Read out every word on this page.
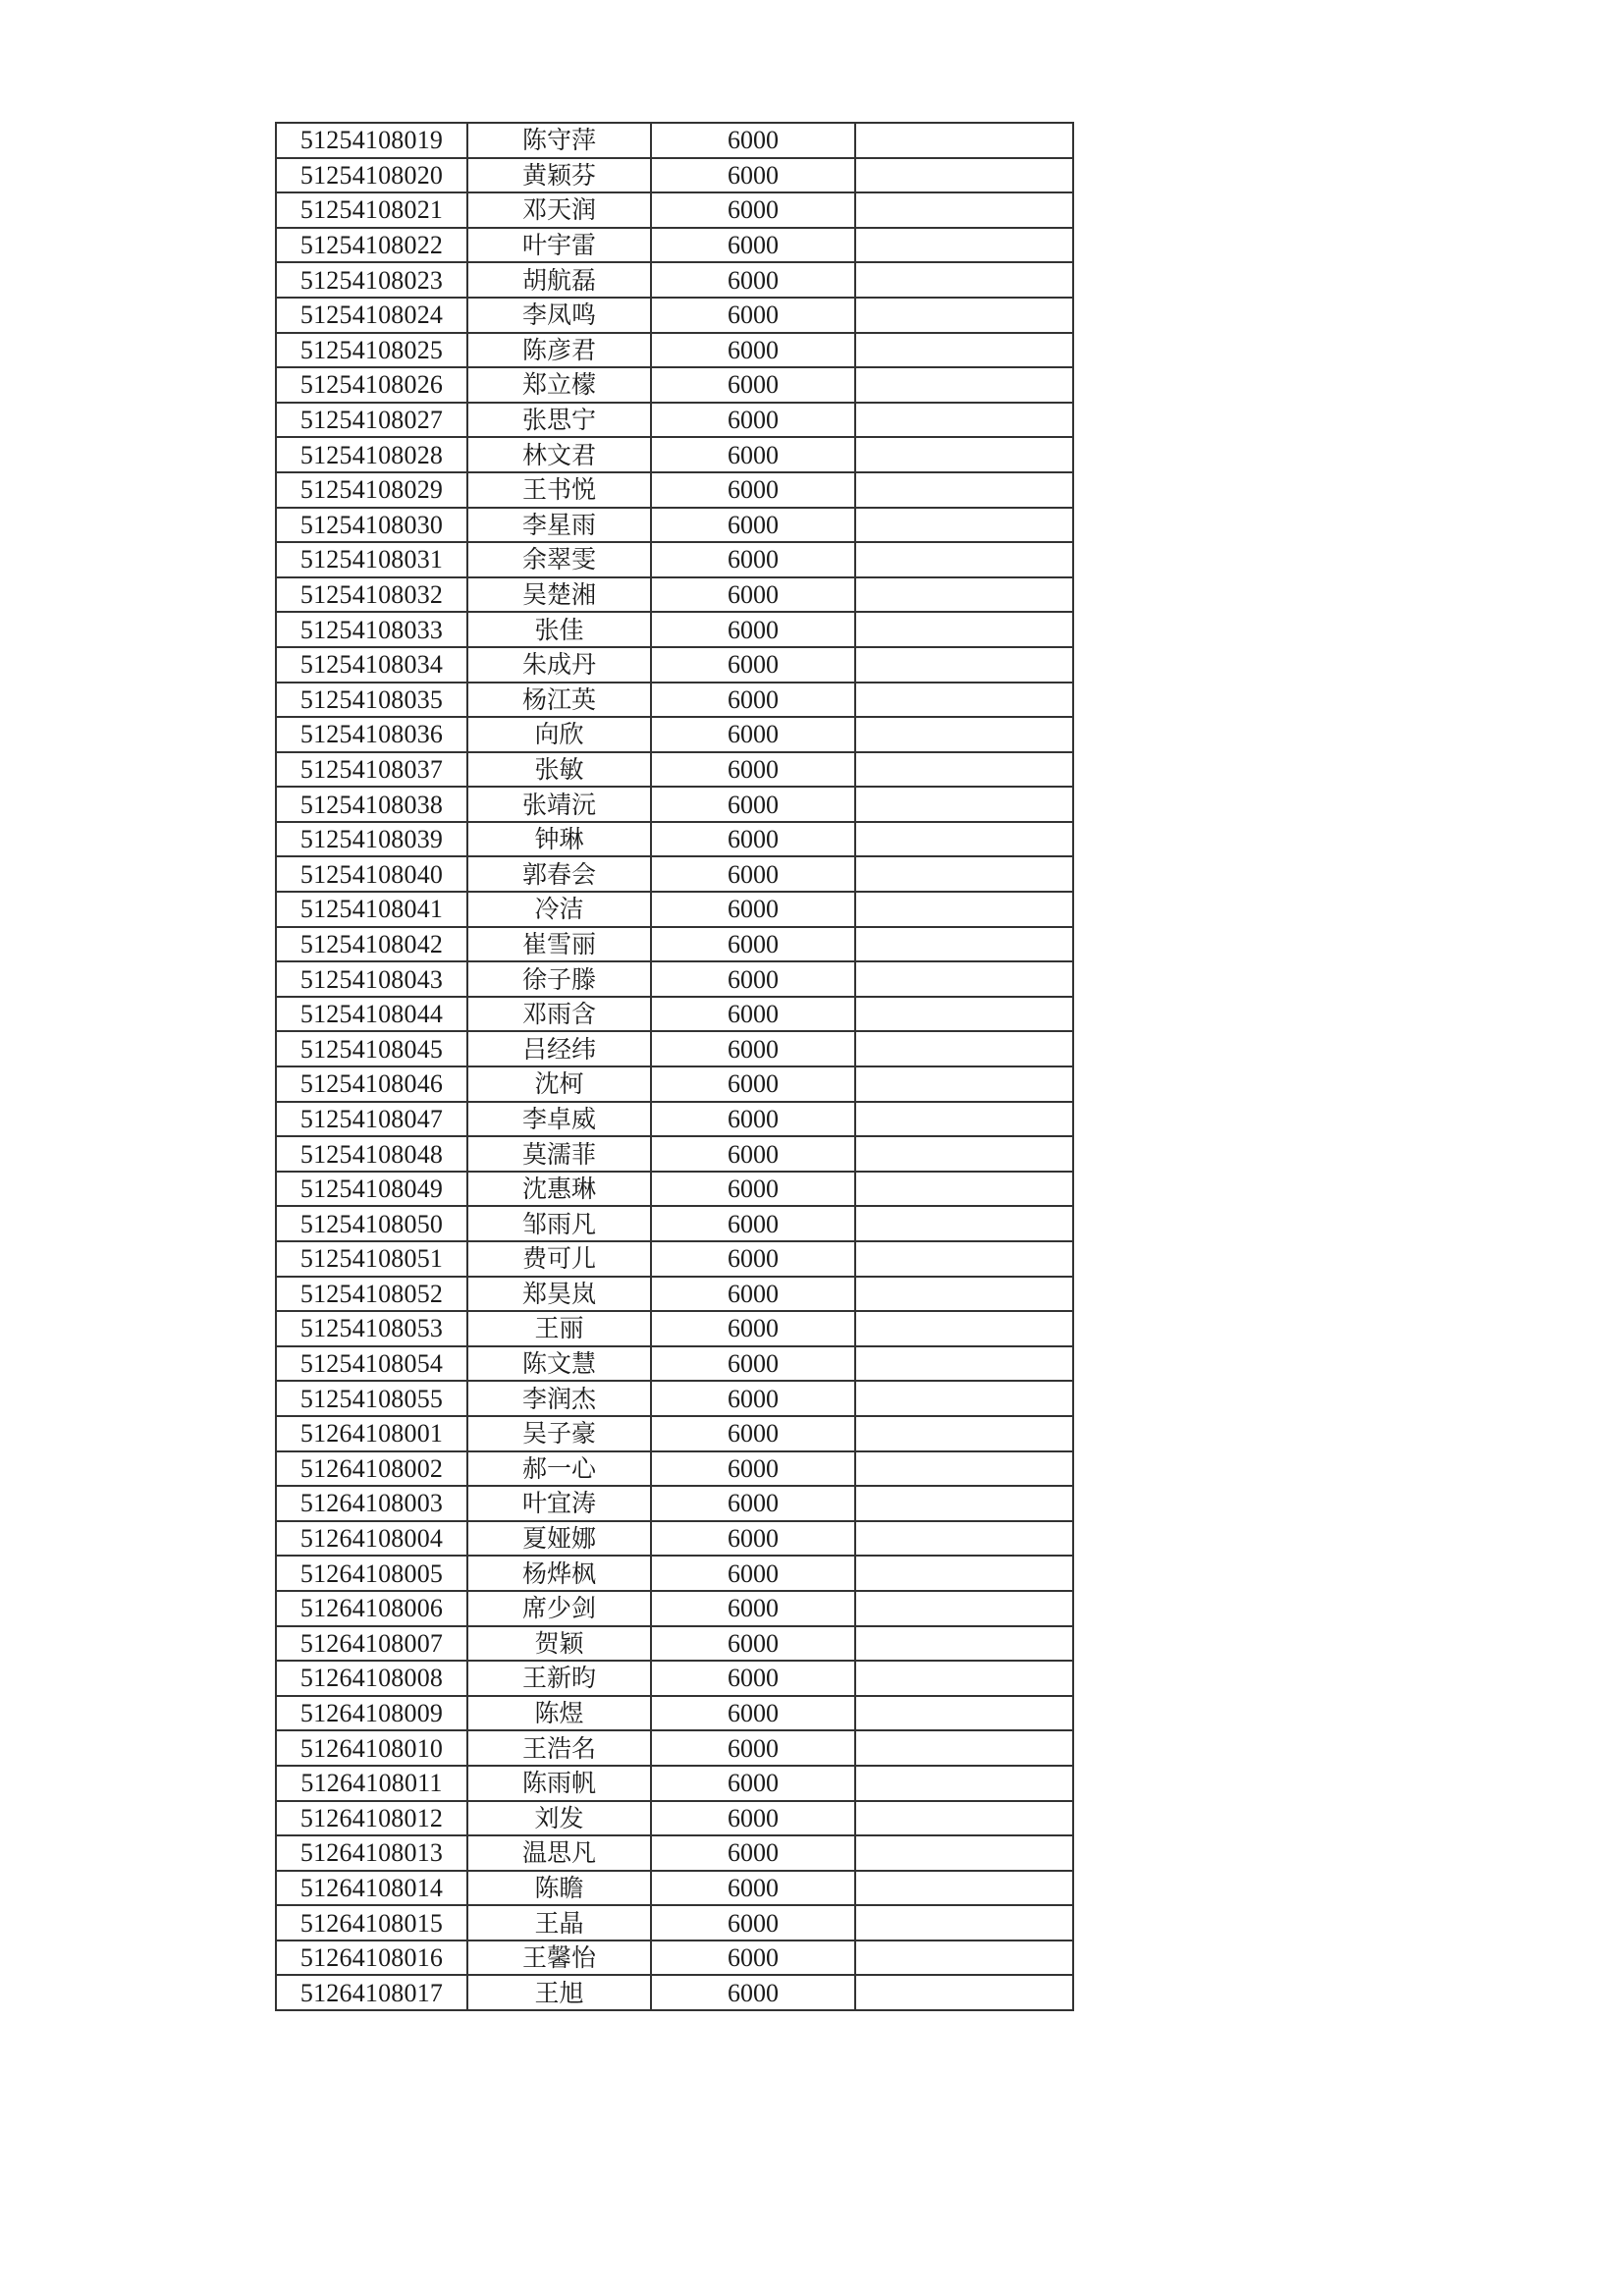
51254108019	陈守萍	6000	
51254108020	黄颖芬	6000	
51254108021	邓天润	6000	
51254108022	叶宇雷	6000	
51254108023	胡航磊	6000	
51254108024	李凤鸣	6000	
51254108025	陈彦君	6000	
51254108026	郑立檬	6000	
51254108027	张思宁	6000	
51254108028	林文君	6000	
51254108029	王书悦	6000	
51254108030	李星雨	6000	
51254108031	余翠雯	6000	
51254108032	吴楚湘	6000	
51254108033	张佳	6000	
51254108034	朱成丹	6000	
51254108035	杨江英	6000	
51254108036	向欣	6000	
51254108037	张敏	6000	
51254108038	张靖沅	6000	
51254108039	钟琳	6000	
51254108040	郭春会	6000	
51254108041	冷洁	6000	
51254108042	崔雪丽	6000	
51254108043	徐子滕	6000	
51254108044	邓雨含	6000	
51254108045	吕经纬	6000	
51254108046	沈柯	6000	
51254108047	李卓威	6000	
51254108048	莫濡菲	6000	
51254108049	沈惠琳	6000	
51254108050	邹雨凡	6000	
51254108051	费可儿	6000	
51254108052	郑昊岚	6000	
51254108053	王丽	6000	
51254108054	陈文慧	6000	
51254108055	李润杰	6000	
51264108001	吴子豪	6000	
51264108002	郝一心	6000	
51264108003	叶宜涛	6000	
51264108004	夏娅娜	6000	
51264108005	杨烨枫	6000	
51264108006	席少剑	6000	
51264108007	贺颖	6000	
51264108008	王新昀	6000	
51264108009	陈煜	6000	
51264108010	王浩名	6000	
51264108011	陈雨帆	6000	
51264108012	刘发	6000	
51264108013	温思凡	6000	
51264108014	陈瞻	6000	
51264108015	王晶	6000	
51264108016	王馨怡	6000	
51264108017	王旭	6000	
